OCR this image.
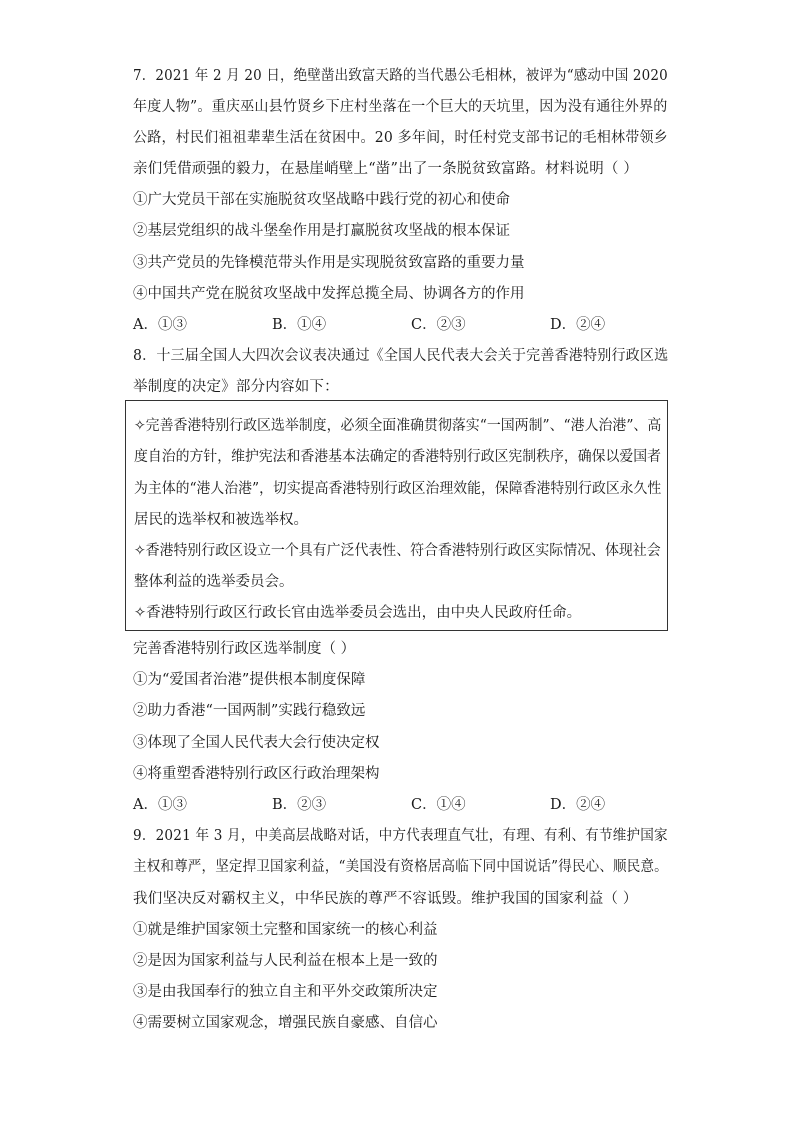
7．2021 年 2 月 20 日，绝壁凿出致富天路的当代愚公毛相林，被评为“感动中国 2020
年度人物”。重庆巫山县竹贤乡下庄村坐落在一个巨大的天坑里，因为没有通往外界的
公路，村民们祖祖辈辈生活在贫困中。20 多年间，时任村党支部书记的毛相林带领乡
亲们凭借顽强的毅力，在悬崖峭壁上“凿”出了一条脱贫致富路。材料说明（ ）
①广大党员干部在实施脱贫攻坚战略中践行党的初心和使命
②基层党组织的战斗堡垒作用是打赢脱贫攻坚战的根本保证
③共产党员的先锋模范带头作用是实现脱贫致富路的重要力量
④中国共产党在脱贫攻坚战中发挥总揽全局、协调各方的作用
A．①③	B．①④	C．②③	D．②④
8．十三届全国人大四次会议表决通过《全国人民代表大会关于完善香港特别行政区选
举制度的决定》部分内容如下：
✧完善香港特别行政区选举制度，必须全面准确贯彻落实“一国两制”、“港人治港”、高
度自治的方针，维护宪法和香港基本法确定的香港特别行政区宪制秩序，确保以爱国者
为主体的“港人治港”，切实提高香港特别行政区治理效能，保障香港特别行政区永久性
居民的选举权和被选举权。
✧香港特别行政区设立一个具有广泛代表性、符合香港特别行政区实际情况、体现社会
整体利益的选举委员会。
✧香港特别行政区行政长官由选举委员会选出，由中央人民政府任命。
完善香港特别行政区选举制度（ ）
①为“爱国者治港”提供根本制度保障
②助力香港“一国两制”实践行稳致远
③体现了全国人民代表大会行使决定权
④将重塑香港特别行政区行政治理架构
A．①③	B．②③	C．①④	D．②④
9．2021 年 3 月，中美高层战略对话，中方代表理直气壮，有理、有利、有节维护国家
主权和尊严，坚定捍卫国家利益，“美国没有资格居高临下同中国说话”得民心、顺民意。
我们坚决反对霸权主义，中华民族的尊严不容诋毁。维护我国的国家利益（ ）
①就是维护国家领土完整和国家统一的核心利益
②是因为国家利益与人民利益在根本上是一致的
③是由我国奉行的独立自主和平外交政策所决定
④需要树立国家观念，增强民族自豪感、自信心
